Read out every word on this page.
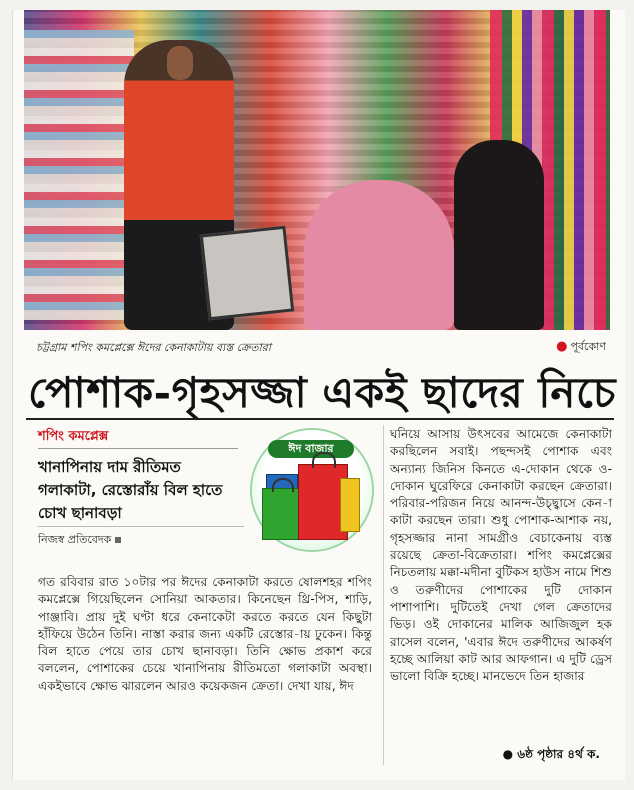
চট্টগ্রাম শপিং কমপ্লেক্সে ঈদের কেনাকাটায় ব্যস্ত ক্রেতারা	● পূর্বকোণ
পোশাক-গৃহসজ্জা একই ছাদের নিচে
শপিং কমপ্লেক্স
খানাপিনায় দাম রীতিমত গলাকাটা, রেস্তোরাঁয় বিল হাতে চোখ ছানাবড়া
নিজস্ব প্রতিবেদক
ঈদ বাজার

গত রবিবার রাত ১০টার পর ঈদের কেনাকাটা করতে ষোলশহর শপিং কমপ্লেক্সে গিয়েছিলেন সোনিয়া আকতার। কিনেছেন থ্রি-পিস, শাড়ি, পাঞ্জাবি। প্রায় দুই ঘণ্টা ধরে কেনাকেটা করতে করতে যেন কিছুটা হাঁফিয়ে উঠেন তিনি। নাস্তা করার জন্য একটি রেস্তোর-ায় ঢুকেন। কিন্তু বিল হাতে পেয়ে তার চোখ ছানাবড়া। তিনি ক্ষোভ প্রকাশ করে বললেন, পোশাকের চেয়ে খানাপিনায় রীতিমতো গলাকাটা অবস্থা। একইভাবে ক্ষোভ ঝারলেন আরও কয়েকজন ক্রেতা। দেখা যায়, ঈদ

ঘনিয়ে আসায় উৎসবের আমেজে কেনাকাটা করছিলেন সবাই। পছন্দসই পোশাক এবং অন্যান্য জিনিস কিনতে এ-দোকান থেকে ও-দোকান ঘুরেফিরে কেনাকাটা করছেন ক্রেতারা। পরিবার-পরিজন নিয়ে আনন্দ-উচ্ছ্বাসে কেন-াকাটা করছেন তারা। শুধু পোশাক-আশাক নয়, গৃহসজ্জার নানা সামগ্রীও বেচাকেনায় ব্যস্ত রয়েছে ক্রেতা-বিক্রেতারা। শপিং কমপ্লেক্সের নিচতলায় মক্কা-মদীনা বুটিকস হাউস নামে শিশু ও তরুণীদের পোশাকের দুটি দোকান পাশাপাশি। দুটিতেই দেখা গেল ক্রেতাদের ভিড়। ওই দোকানের মালিক আজিজুল হক রাসেল বলেন, 'এবার ঈদে তরুণীদের আকর্ষণ হচ্ছে আলিয়া কাট আর আফগান। এ দুটি ড্রেস ভালো বিক্রি হচ্ছে। মানভেদে তিন হাজার

● ৬ষ্ঠ পৃষ্ঠার ৪র্থ ক.
